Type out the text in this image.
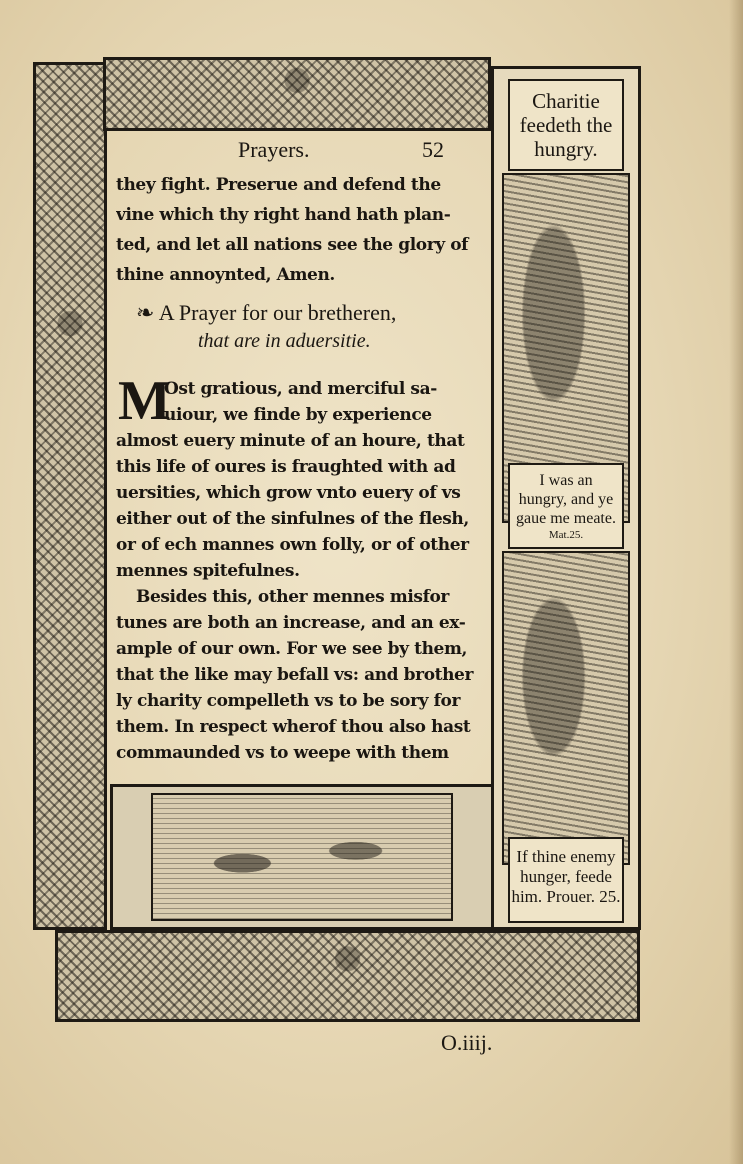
Charitie
feedeth the
hungry.
I was an
hungry, and ye
gaue me meate.
Mat.25.
If thine enemy
hunger, feede
him. Prouer. 25.
Prayers.	52
they fight. Preserue and defend the
vine which thy right hand hath plan-
ted, and let all nations see the glory of
thine annoynted, Amen.
❧ A Prayer for our bretheren,
that are in aduersitie.
M
Ost gratious, and merciful sa-
uiour, we finde by experience
almost euery minute of an houre, that
this life of oures is fraughted with ad
uersities, which grow vnto euery of vs
either out of the sinfulnes of the flesh,
or of ech mannes own folly, or of other
mennes spitefulnes.
Besides this, other mennes misfor
tunes are both an increase, and an ex-
ample of our own. For we see by them,
that the like may befall vs: and brother
ly charity compelleth vs to be sory for
them. In respect wherof thou also hast
commaunded vs to weepe with them
O.iiij.
